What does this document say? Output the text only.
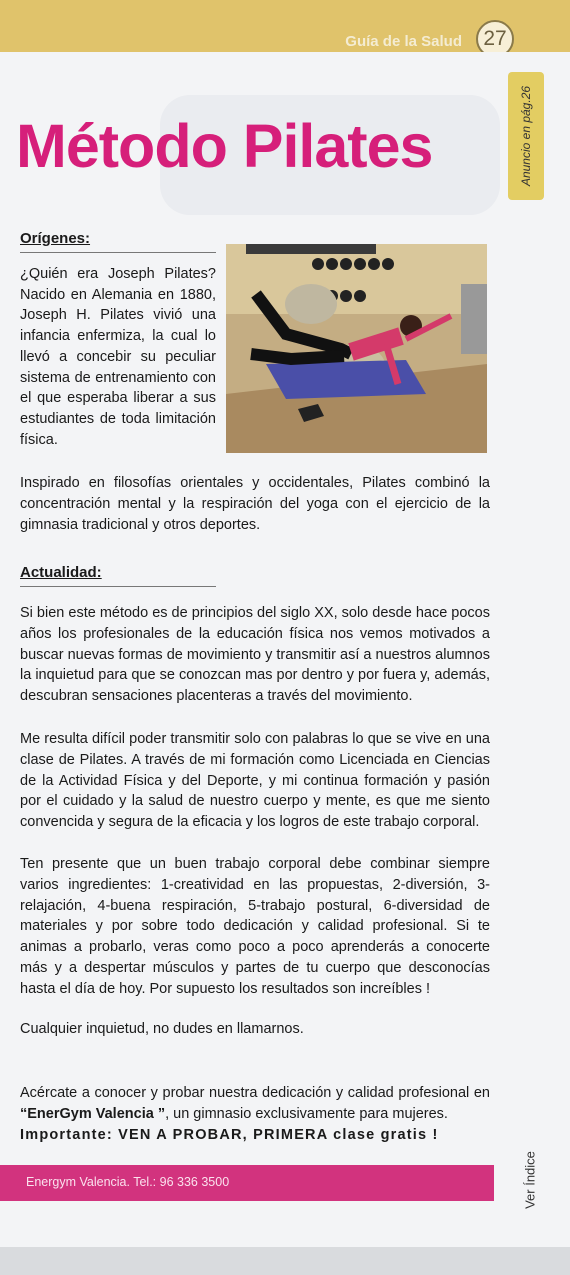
Guía de la Salud	27
Método Pilates	Anuncio en pág.26
Orígenes:

¿Quién era Joseph Pilates? Nacido en Alemania en 1880, Joseph H. Pilates vivió una infancia enfermiza, la cual lo llevó a concebir su peculiar sistema de entrenamiento con el que esperaba liberar a sus estudiantes de toda limitación física.

Inspirado en filosofías orientales y occidentales, Pilates combinó la concentración mental y la respiración del yoga con el ejercicio de la gimnasia tradicional y otros deportes.

Actualidad:

Si bien este método es de principios del siglo XX, solo desde hace pocos años los profesionales de la educación física nos vemos motivados a buscar nuevas formas de movimiento y transmitir así a nuestros alumnos la inquietud para que se conozcan mas por dentro y por fuera y, además, descubran sensaciones placenteras a través del movimiento.

Me resulta difícil poder transmitir solo con palabras lo que se vive en una clase de Pilates. A través de mi formación como Licenciada en Ciencias de la Actividad Física y del Deporte, y mi continua formación y pasión por el cuidado y la salud de nuestro cuerpo y mente, es que me siento convencida y segura de la eficacia y los logros de este trabajo corporal.

Ten presente que un buen trabajo corporal debe combinar siempre varios ingredientes: 1-creatividad en las propuestas, 2-diversión, 3-relajación, 4-buena respiración, 5-trabajo postural, 6-diversidad de materiales y por sobre todo dedicación y calidad profesional. Si te animas a probarlo, veras como poco a poco aprenderás a conocerte más y a despertar músculos y partes de tu cuerpo que desconocías hasta el día de hoy. Por supuesto los resultados son increíbles !

Cualquier inquietud, no dudes en llamarnos.

Acércate a conocer y probar nuestra dedicación y calidad profesional en “EnerGym Valencia ”, un gimnasio exclusivamente para mujeres.

Importante: VEN A PROBAR, PRIMERA clase gratis !

Energym Valencia. Tel.: 96 336 3500	Ver Índice
